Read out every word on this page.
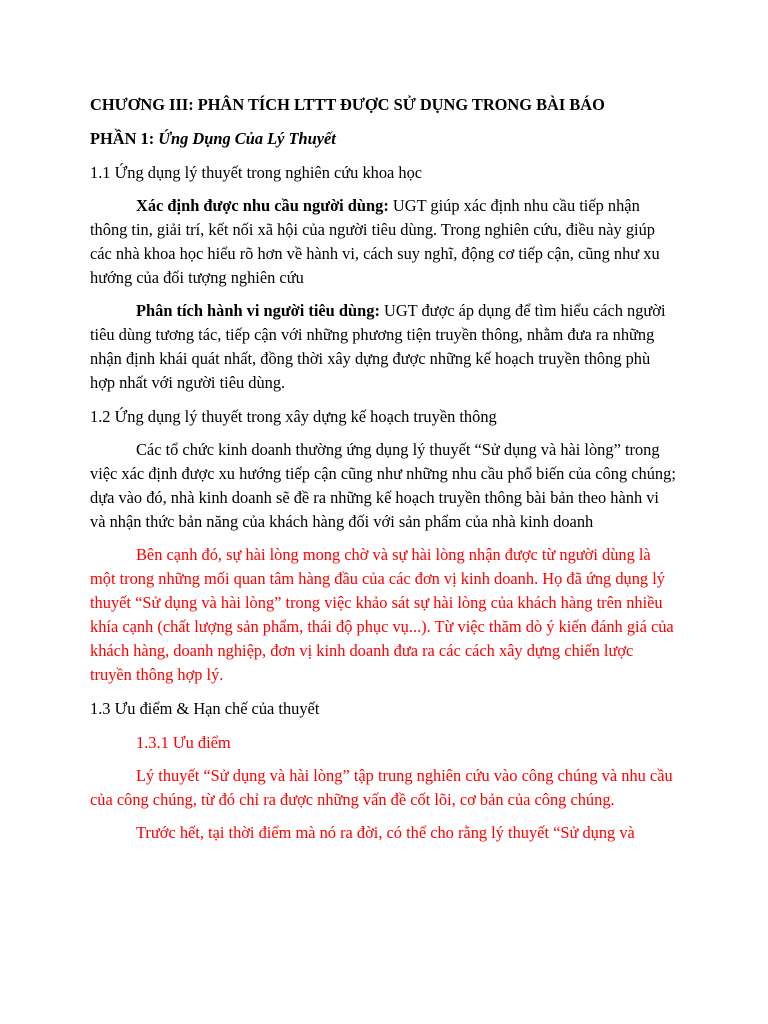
CHƯƠNG III: PHÂN TÍCH LTTT ĐƯỢC SỬ DỤNG TRONG BÀI BÁO
PHẦN 1: Ứng Dụng Của Lý Thuyết
1.1 Ứng dụng lý thuyết trong nghiên cứu khoa học

Xác định được nhu cầu người dùng: UGT giúp xác định nhu cầu tiếp nhận thông tin, giải trí, kết nối xã hội của người tiêu dùng. Trong nghiên cứu, điều này giúp các nhà khoa học hiểu rõ hơn về hành vi, cách suy nghĩ, động cơ tiếp cận, cũng như xu hướng của đối tượng nghiên cứu

Phân tích hành vi người tiêu dùng: UGT được áp dụng để tìm hiểu cách người tiêu dùng tương tác, tiếp cận với những phương tiện truyền thông, nhằm đưa ra những nhận định khái quát nhất, đồng thời xây dựng được những kế hoạch truyền thông phù hợp nhất với người tiêu dùng.

1.2 Ứng dụng lý thuyết trong xây dựng kế hoạch truyền thông

Các tổ chức kinh doanh thường ứng dụng lý thuyết “Sử dụng và hài lòng” trong việc xác định được xu hướng tiếp cận cũng như những nhu cầu phổ biến của công chúng; dựa vào đó, nhà kinh doanh sẽ đề ra những kế hoạch truyền thông bài bản theo hành vi và nhận thức bản năng của khách hàng đối với sản phẩm của nhà kinh doanh

Bên cạnh đó, sự hài lòng mong chờ và sự hài lòng nhận được từ người dùng là một trong những mối quan tâm hàng đầu của các đơn vị kinh doanh. Họ đã ứng dụng lý thuyết “Sử dụng và hài lòng” trong việc khảo sát sự hài lòng của khách hàng trên nhiều khía cạnh (chất lượng sản phẩm, thái độ phục vụ...). Từ việc thăm dò ý kiến đánh giá của khách hàng, doanh nghiệp, đơn vị kinh doanh đưa ra các cách xây dựng chiến lược truyền thông hợp lý.

1.3 Ưu điểm & Hạn chế của thuyết
1.3.1 Ưu điểm

Lý thuyết “Sử dụng và hài lòng” tập trung nghiên cứu vào công chúng và nhu cầu của công chúng, từ đó chỉ ra được những vấn đề cốt lõi, cơ bản của công chúng.

Trước hết, tại thời điểm mà nó ra đời, có thể cho rằng lý thuyết “Sử dụng và
